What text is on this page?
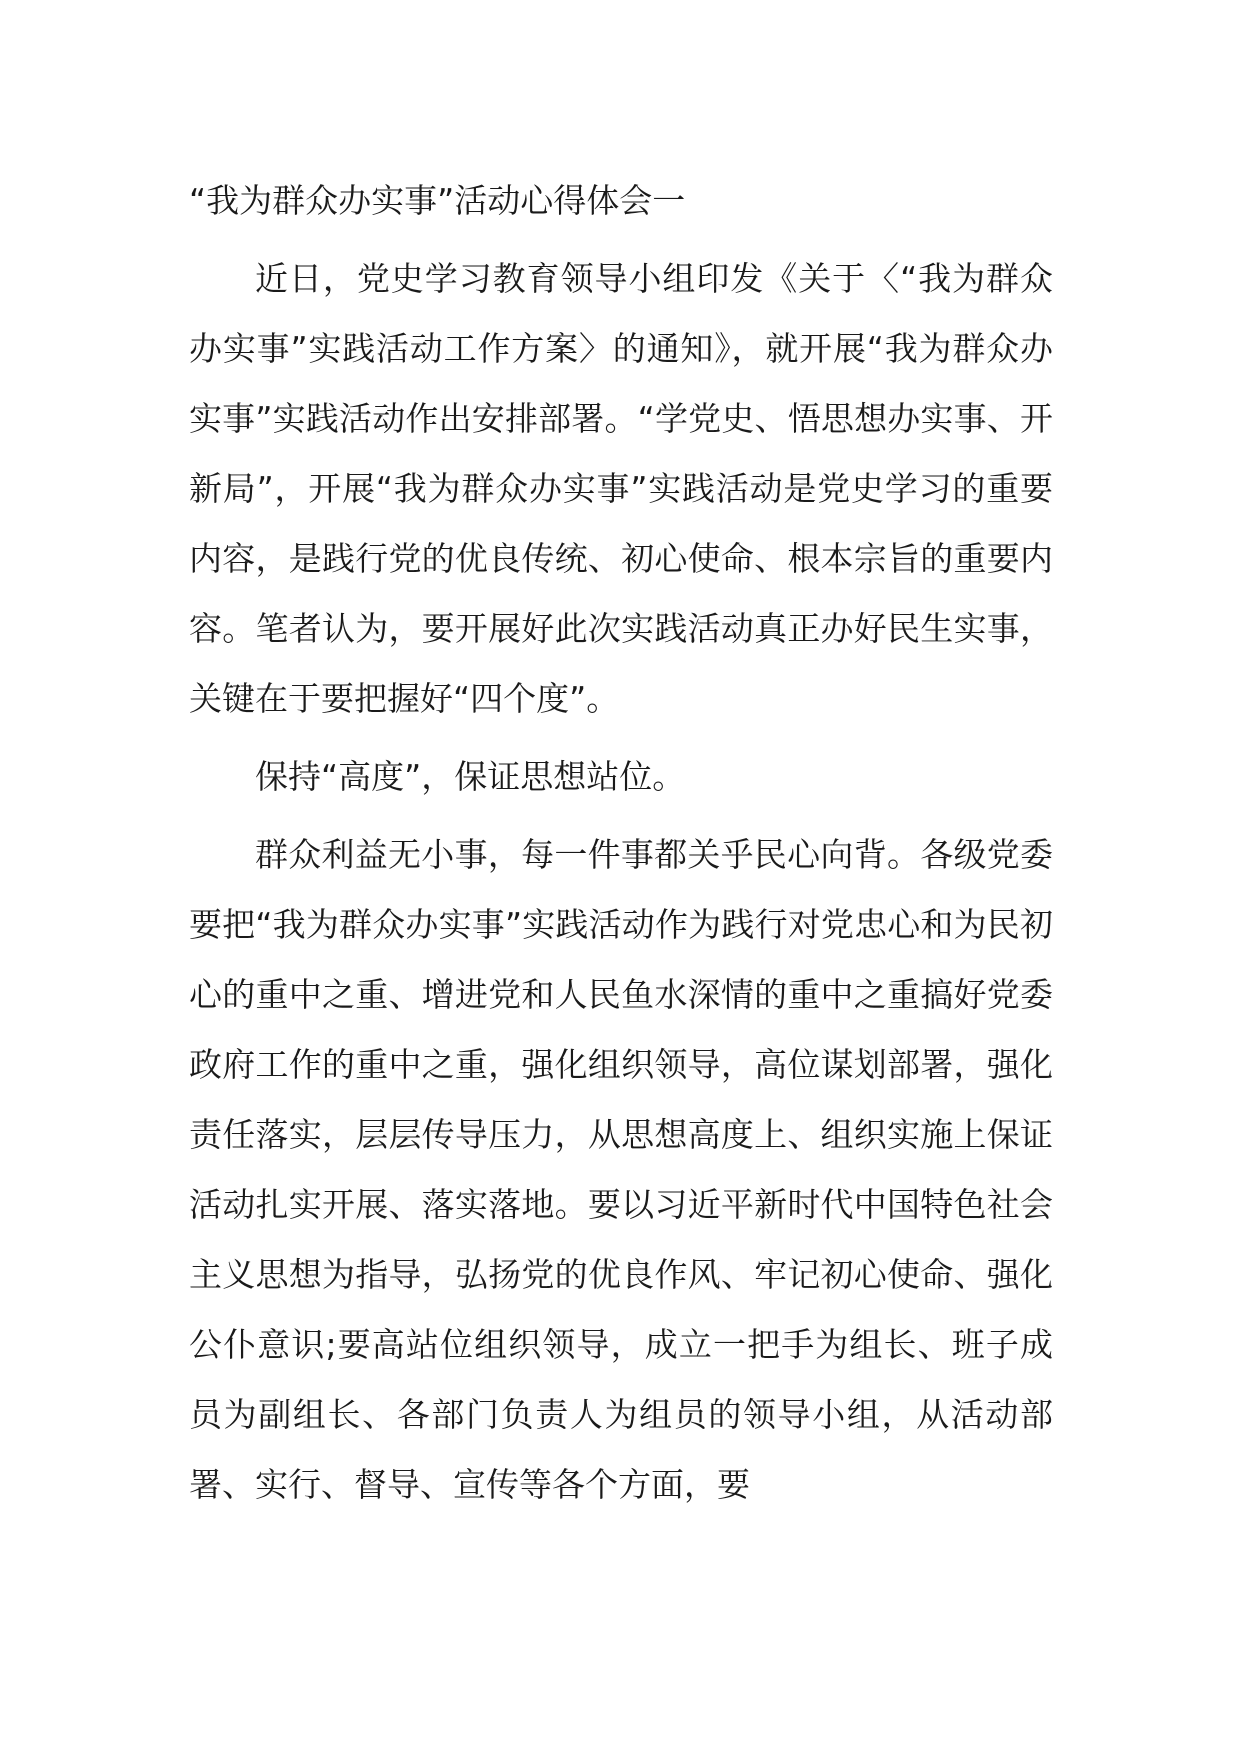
“我为群众办实事”活动心得体会一

近日，党史学习教育领导小组印发《关于〈“我为群众办实事”实践活动工作方案〉的通知》，就开展“我为群众办实事”实践活动作出安排部署。“学党史、悟思想办实事、开新局”，开展“我为群众办实事”实践活动是党史学习的重要内容，是践行党的优良传统、初心使命、根本宗旨的重要内容。笔者认为，要开展好此次实践活动真正办好民生实事，关键在于要把握好“四个度”。

保持“高度”，保证思想站位。

群众利益无小事，每一件事都关乎民心向背。各级党委要把“我为群众办实事”实践活动作为践行对党忠心和为民初心的重中之重、增进党和人民鱼水深情的重中之重搞好党委政府工作的重中之重，强化组织领导，高位谋划部署，强化责任落实，层层传导压力，从思想高度上、组织实施上保证活动扎实开展、落实落地。要以习近平新时代中国特色社会主义思想为指导，弘扬党的优良作风、牢记初心使命、强化公仆意识;要高站位组织领导，成立一把手为组长、班子成员为副组长、各部门负责人为组员的领导小组，从活动部署、实行、督导、宣传等各个方面，要
